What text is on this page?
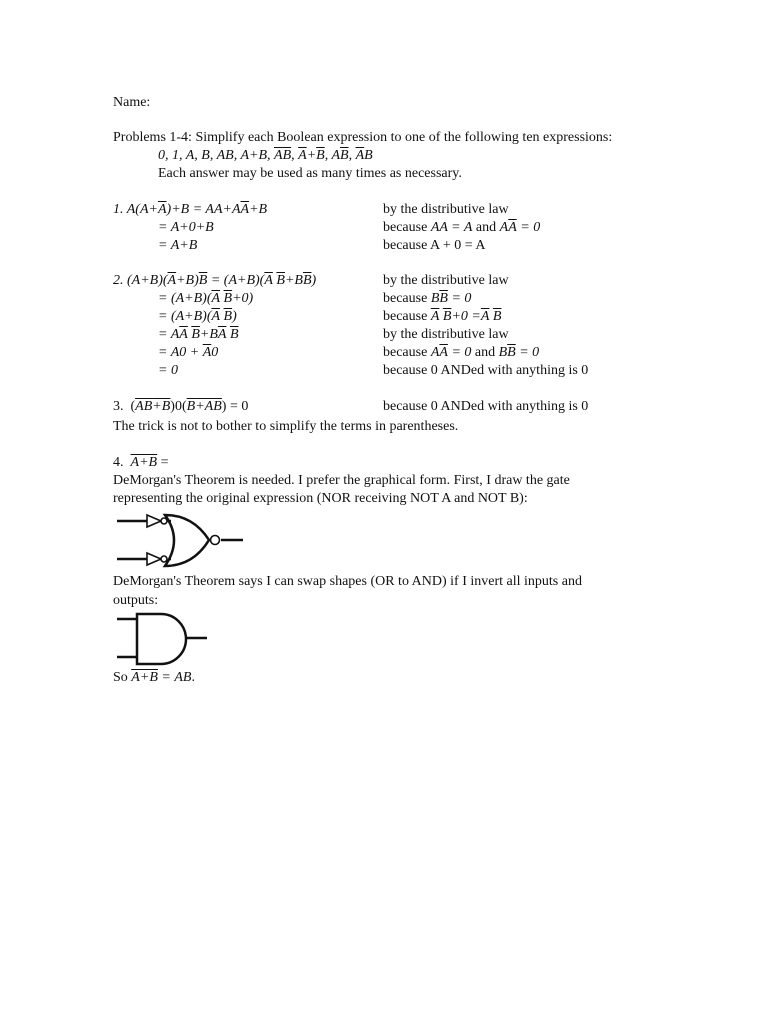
Name:
Problems 1-4: Simplify each Boolean expression to one of the following ten expressions:
0, 1, A, B, AB, A+B, $\overline{A}\overline{B}$, $\overline{A}+\overline{B}$, $A\overline{B}$, $\overline{A}B$
Each answer may be used as many times as necessary.
1. $A(A+\overline{A})+B = AA+A\overline{A}+B$	by the distributive law
= A+0+B	because AA = A and $A\overline{A} = 0$
= A+B	because A + 0 = A
2. $(A+B)(\overline{A}+B)\overline{B} = (A+B)(\overline{A}$ $\overline{B}+B\overline{B}$)	by the distributive law
= $(A+B)(\overline{A}$ $\overline{B}+0$)	because $B\overline{B} = 0$
= $(A+B)(\overline{A}$ $\overline{B}$)	because $\overline{A}$ $\overline{B}+0 =\overline{A}$ $\overline{B}$
= $A\overline{A}$ $\overline{B}+B\overline{A}$ $\overline{B}$	by the distributive law
= $A0 + \overline{A}0$	because $A\overline{A} = 0$ and $B\overline{B} = 0$
= 0	because 0 ANDed with anything is 0
3.  (AB+B)0(B+AB) = 0	because 0 ANDed with anything is 0
The trick is not to bother to simplify the terms in parentheses.
4. A+B =
DeMorgan's Theorem is needed. I prefer the graphical form. First, I draw the gate
representing the original expression (NOR receiving NOT A and NOT B):
DeMorgan's Theorem says I can swap shapes (OR to AND) if I invert all inputs and
outputs:
So A+B = AB.
